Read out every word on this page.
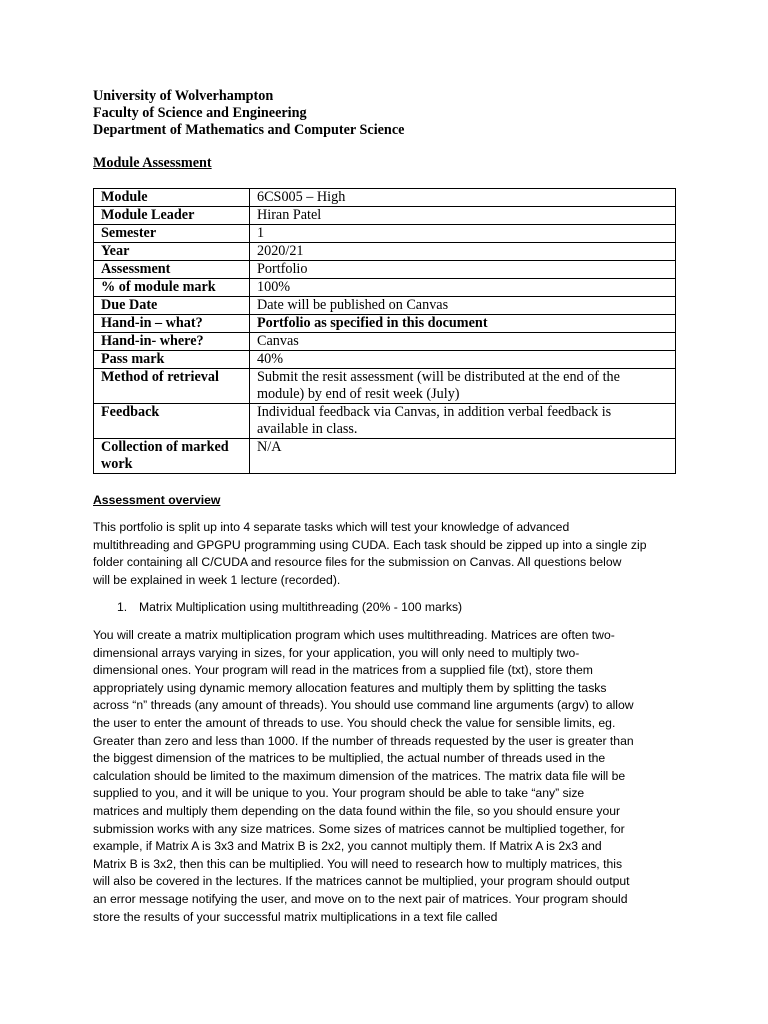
University of Wolverhampton
Faculty of Science and Engineering
Department of Mathematics and Computer Science
Module Assessment
Module	6CS005 – High

Module Leader	Hiran Patel

Semester	1

Year	2020/21

Assessment	Portfolio

% of module mark	100%

Due Date	Date will be published on Canvas

Hand-in – what?	Portfolio as specified in this document

Hand-in- where?	Canvas

Pass mark	40%

Method of retrieval	Submit the resit assessment (will be distributed at the end of the
module) by end of resit week (July)

Feedback	Individual feedback via Canvas, in addition verbal feedback is
available in class.

Collection of marked work	N/A
Assessment overview
This portfolio is split up into 4 separate tasks which will test your knowledge of advanced
multithreading and GPGPU programming using CUDA. Each task should be zipped up into a single zip
folder containing all C/CUDA and resource files for the submission on Canvas. All questions below
will be explained in week 1 lecture (recorded).
1. Matrix Multiplication using multithreading (20% - 100 marks)
You will create a matrix multiplication program which uses multithreading. Matrices are often two-
dimensional arrays varying in sizes, for your application, you will only need to multiply two-
dimensional ones. Your program will read in the matrices from a supplied file (txt), store them
appropriately using dynamic memory allocation features and multiply them by splitting the tasks
across “n” threads (any amount of threads). You should use command line arguments (argv) to allow
the user to enter the amount of threads to use. You should check the value for sensible limits, eg.
Greater than zero and less than 1000. If the number of threads requested by the user is greater than
the biggest dimension of the matrices to be multiplied, the actual number of threads used in the
calculation should be limited to the maximum dimension of the matrices. The matrix data file will be
supplied to you, and it will be unique to you. Your program should be able to take “any” size
matrices and multiply them depending on the data found within the file, so you should ensure your
submission works with any size matrices. Some sizes of matrices cannot be multiplied together, for
example, if Matrix A is 3x3 and Matrix B is 2x2, you cannot multiply them. If Matrix A is 2x3 and
Matrix B is 3x2, then this can be multiplied. You will need to research how to multiply matrices, this
will also be covered in the lectures. If the matrices cannot be multiplied, your program should output
an error message notifying the user, and move on to the next pair of matrices. Your program should
store the results of your successful matrix multiplications in a text file called
